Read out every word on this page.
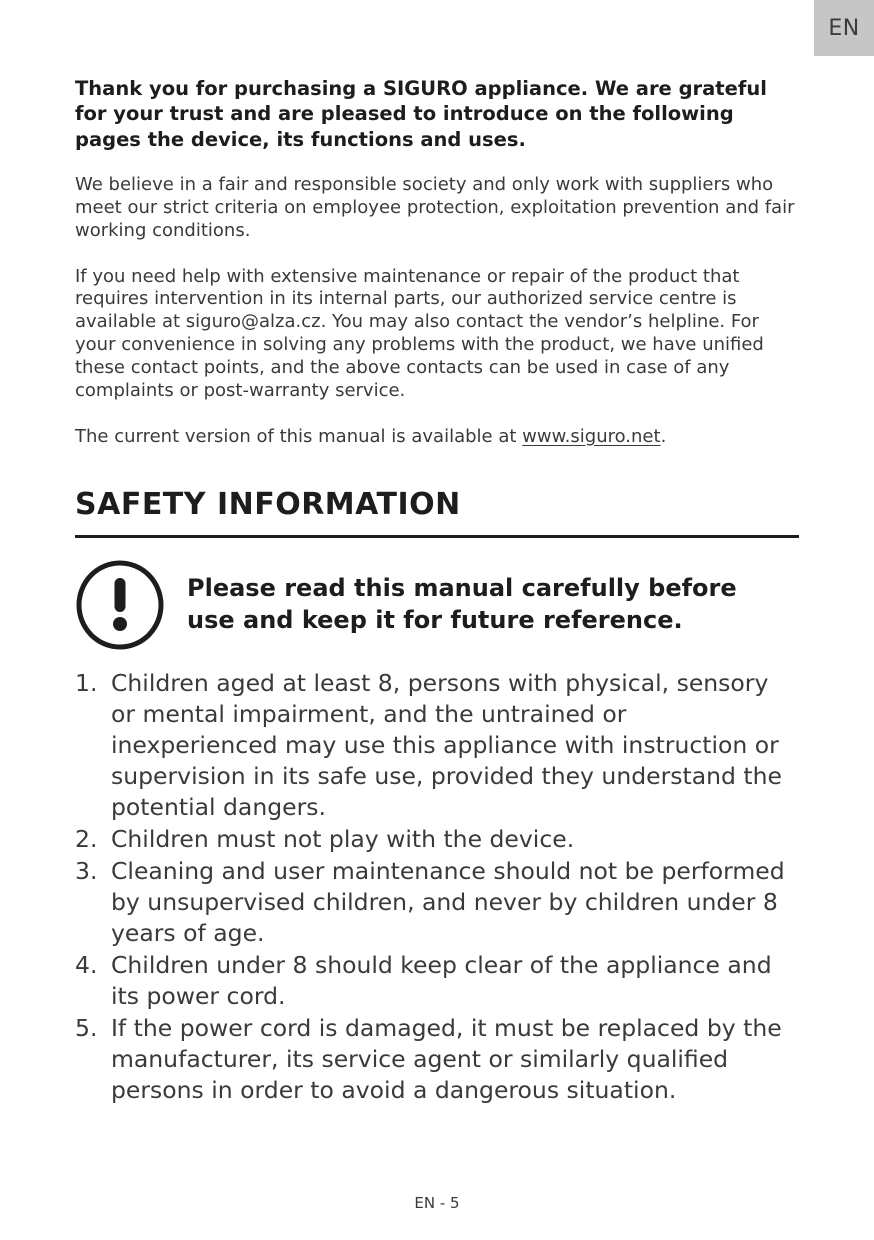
EN

Thank you for purchasing a SIGURO appliance. We are grateful for your trust and are pleased to introduce on the following pages the device, its functions and uses.

We believe in a fair and responsible society and only work with suppliers who meet our strict criteria on employee protection, exploitation prevention and fair working conditions.

If you need help with extensive maintenance or repair of the product that requires intervention in its internal parts, our authorized service centre is available at siguro@alza.cz. You may also contact the vendor’s helpline. For your convenience in solving any problems with the product, we have unified these contact points, and the above contacts can be used in case of any complaints or post-warranty service.

The current version of this manual is available at www.siguro.net.

SAFETY INFORMATION
Please read this manual carefully before use and keep it for future reference.
1. Children aged at least 8, persons with physical, sensory or mental impairment, and the untrained or inexperienced may use this appliance with instruction or supervision in its safe use, provided they understand the potential dangers.
2. Children must not play with the device.
3. Cleaning and user maintenance should not be performed by unsupervised children, and never by children under 8 years of age.
4. Children under 8 should keep clear of the appliance and its power cord.
5. If the power cord is damaged, it must be replaced by the manufacturer, its service agent or similarly qualified persons in order to avoid a dangerous situation.
EN - 5
